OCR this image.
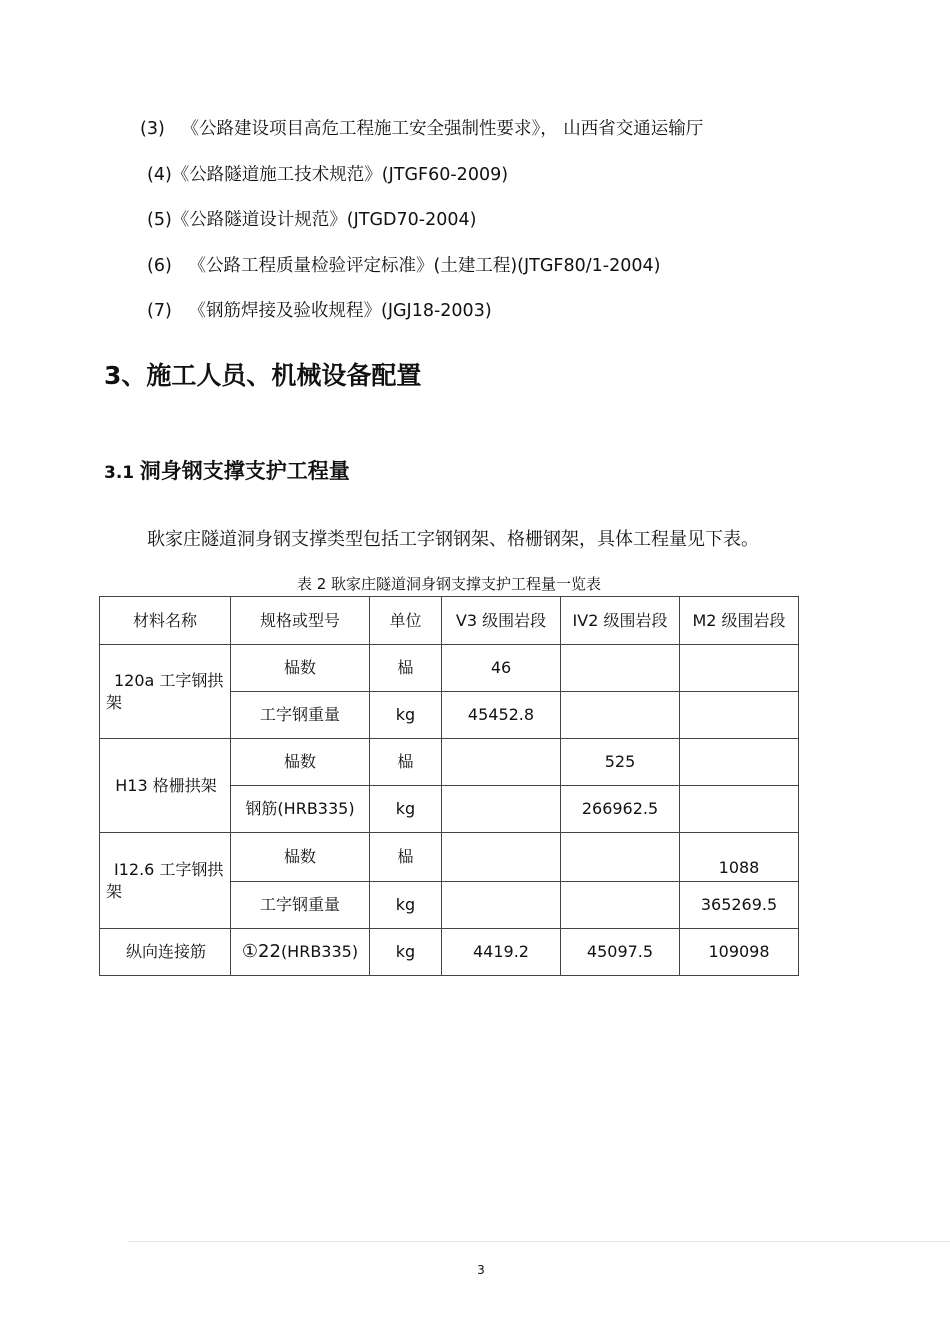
(3) 《公路建设项目高危工程施工安全强制性要求》， 山西省交通运输厅
(4)《公路隧道施工技术规范》(JTGF60-2009)
(5)《公路隧道设计规范》(JTGD70-2004)
(6) 《公路工程质量检验评定标准》(土建工程)(JTGF80/1-2004)
(7) 《钢筋焊接及验收规程》(JGJ18-2003)
3、施工人员、机械设备配置
3.1 洞身钢支撑支护工程量
耿家庄隧道洞身钢支撑类型包括工字钢钢架、格栅钢架，具体工程量见下表。
表 2 耿家庄隧道洞身钢支撑支护工程量一览表
材料名称	规格或型号	单位	V3 级围岩段	IV2 级围岩段	M2 级围岩段
120a 工字钢拱架	榀数	榀	46		
	工字钢重量	kg	45452.8		
H13 格栅拱架	榀数	榀		525	
	钢筋(HRB335)	kg		266962.5	
I12.6 工字钢拱架	榀数	榀			1088
	工字钢重量	kg			365269.5
纵向连接筋	①22(HRB335)	kg	4419.2	45097.5	109098
3
